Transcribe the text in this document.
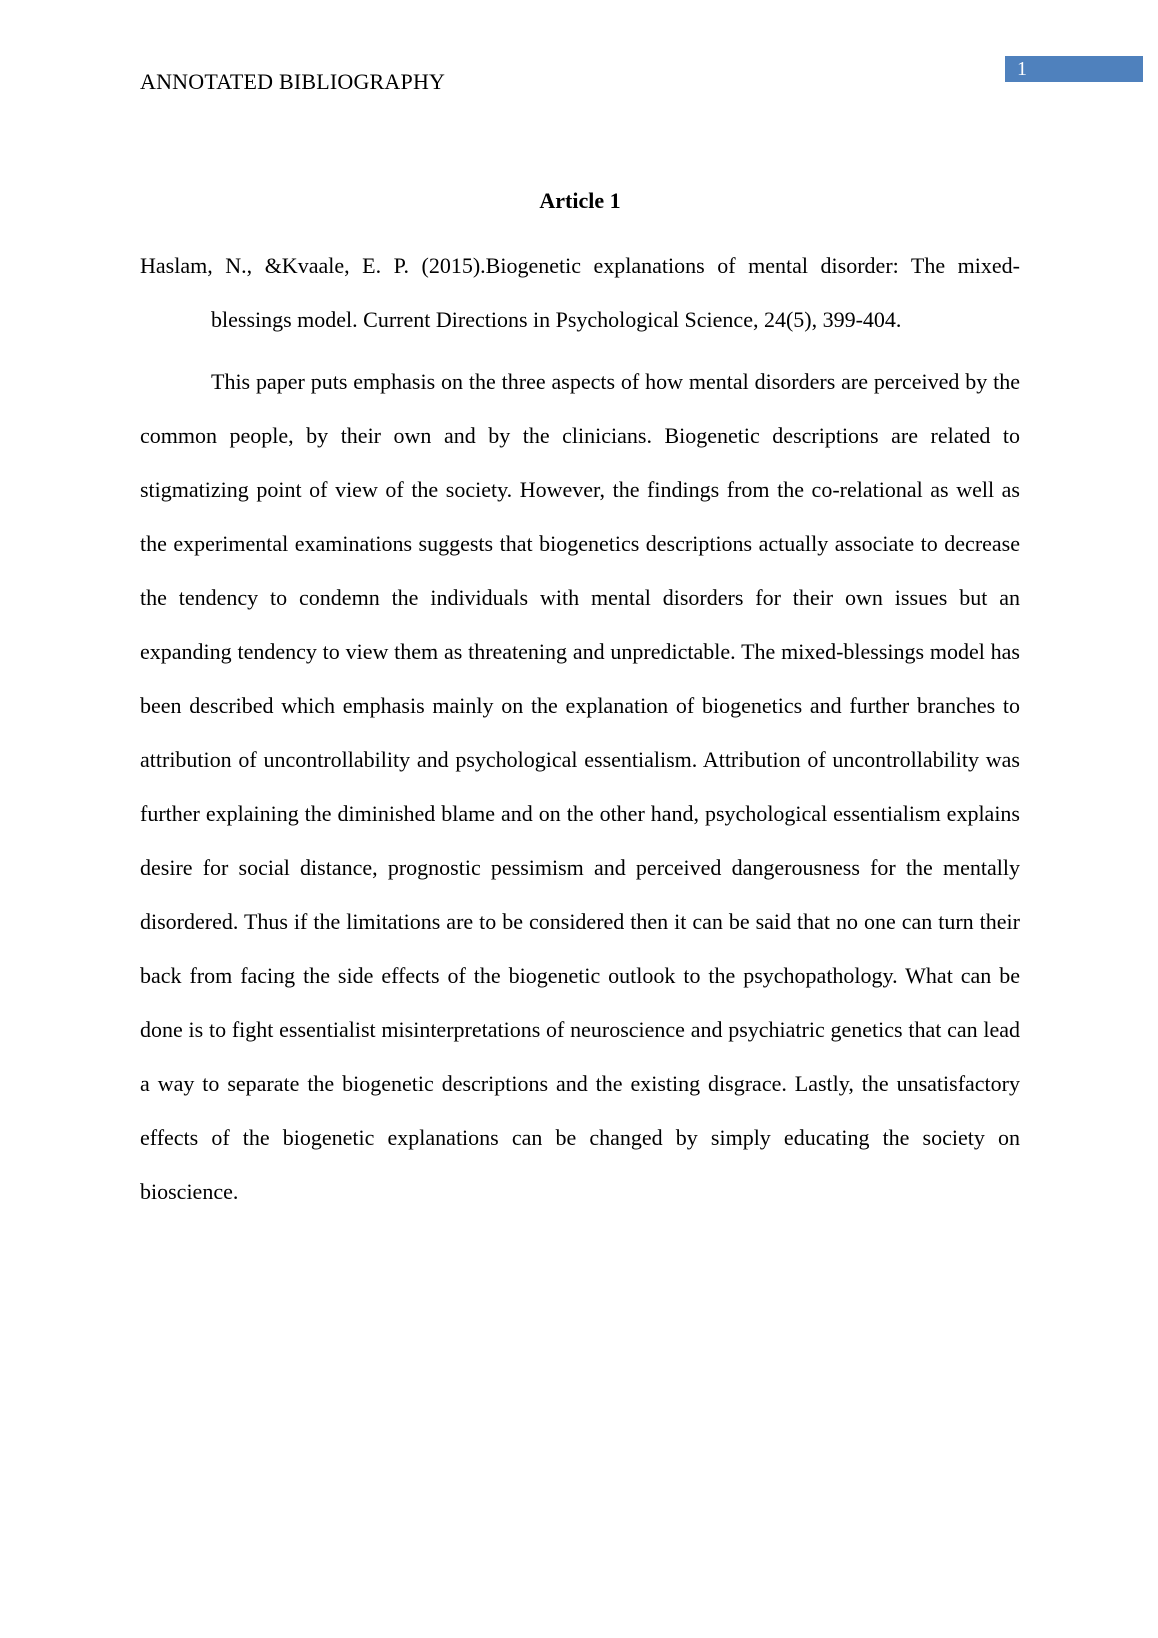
ANNOTATED BIBLIOGRAPHY	1
Article 1

Haslam, N., &Kvaale, E. P. (2015).Biogenetic explanations of mental disorder: The mixed-blessings model. Current Directions in Psychological Science, 24(5), 399-404.

This paper puts emphasis on the three aspects of how mental disorders are perceived by the common people, by their own and by the clinicians. Biogenetic descriptions are related to stigmatizing point of view of the society. However, the findings from the co-relational as well as the experimental examinations suggests that biogenetics descriptions actually associate to decrease the tendency to condemn the individuals with mental disorders for their own issues but an expanding tendency to view them as threatening and unpredictable. The mixed-blessings model has been described which emphasis mainly on the explanation of biogenetics and further branches to attribution of uncontrollability and psychological essentialism. Attribution of uncontrollability was further explaining the diminished blame and on the other hand, psychological essentialism explains desire for social distance, prognostic pessimism and perceived dangerousness for the mentally disordered. Thus if the limitations are to be considered then it can be said that no one can turn their back from facing the side effects of the biogenetic outlook to the psychopathology. What can be done is to fight essentialist misinterpretations of neuroscience and psychiatric genetics that can lead a way to separate the biogenetic descriptions and the existing disgrace. Lastly, the unsatisfactory effects of the biogenetic explanations can be changed by simply educating the society on bioscience.
